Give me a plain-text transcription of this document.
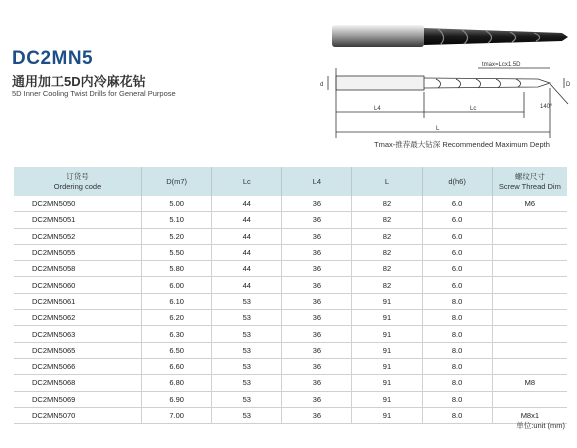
DC2MN5
通用加工5D内冷麻花钻
5D Inner Cooling Twist Drills for General Purpose
tmax=Lcx1.5D
d	D
140°
L4	Lc
L
Tmax-推荐最大钻深 Recommended Maximum Depth
订货号
Ordering code	D(m7)	Lc	L4	L	d(h6)	螺纹尺寸
Screw Thread Dim
DC2MN5050	5.00	44	36	82	6.0	M6
DC2MN5051	5.10	44	36	82	6.0	
DC2MN5052	5.20	44	36	82	6.0	
DC2MN5055	5.50	44	36	82	6.0	
DC2MN5058	5.80	44	36	82	6.0	
DC2MN5060	6.00	44	36	82	6.0	
DC2MN5061	6.10	53	36	91	8.0	
DC2MN5062	6.20	53	36	91	8.0	
DC2MN5063	6.30	53	36	91	8.0	
DC2MN5065	6.50	53	36	91	8.0	
DC2MN5066	6.60	53	36	91	8.0	
DC2MN5068	6.80	53	36	91	8.0	M8
DC2MN5069	6.90	53	36	91	8.0	
DC2MN5070	7.00	53	36	91	8.0	M8x1
单位:unit (mm)
